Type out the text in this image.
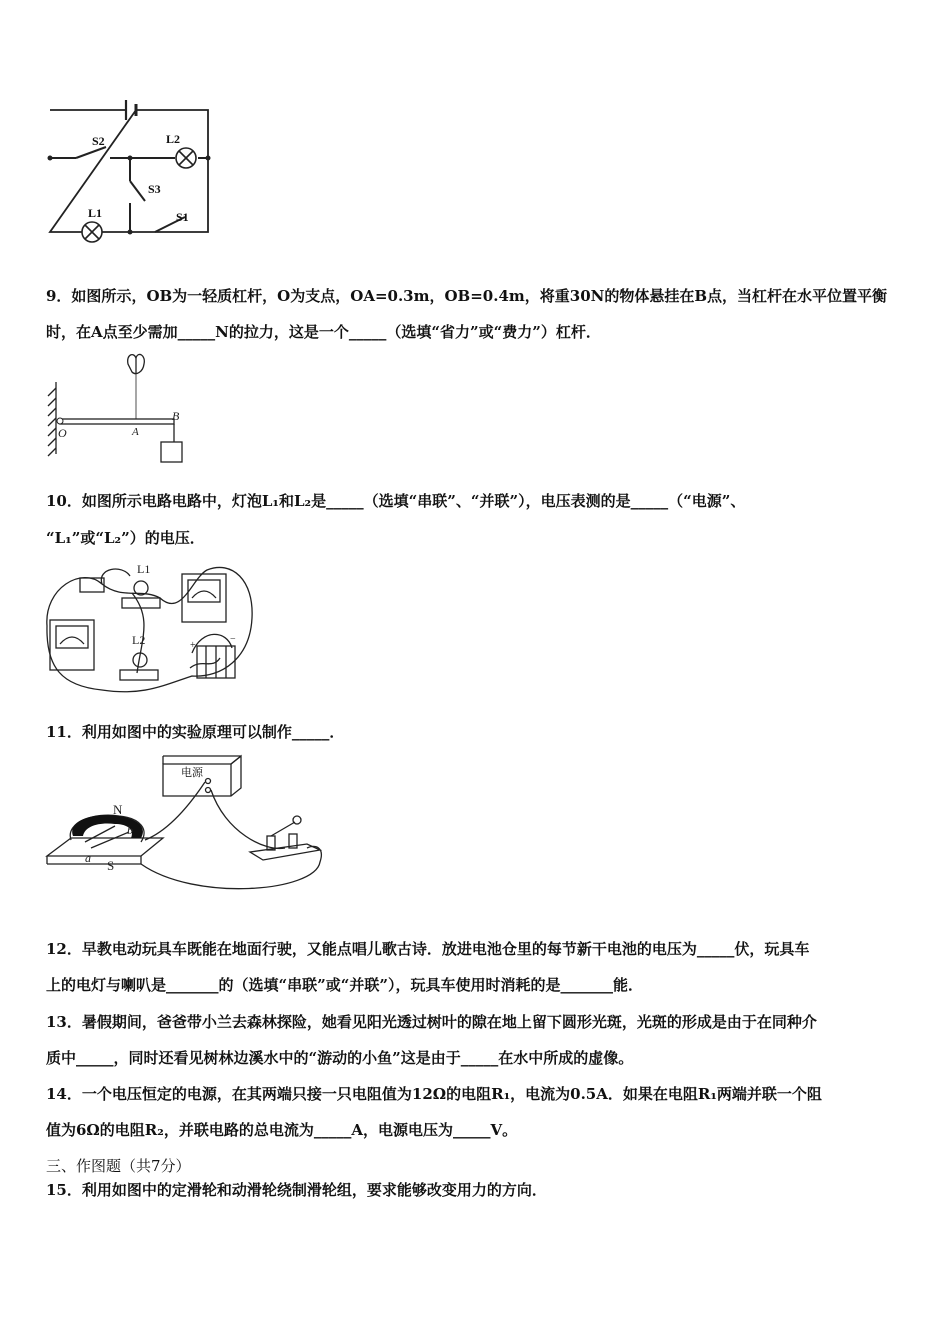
S2	L2
S3
L1	S1
9．如图所示，OB为一轻质杠杆，O为支点，OA=0.3m，OB=0.4m，将重30N的物体悬挂在B点，当杠杆在水平位置平衡
时，在A点至少需加_____N的拉力，这是一个_____（选填“省力”或“费力”）杠杆．
O	A
B
10．如图所示电路电路中，灯泡L₁和L₂是_____（选填“串联”、“并联”），电压表测的是_____（“电源”、
“L₁”或“L₂”）的电压．
L1
L2	+
−
11．利用如图中的实验原理可以制作_____．
电源
N
S
a
b
12．早教电动玩具车既能在地面行驶，又能点唱儿歌古诗．放进电池仓里的每节新干电池的电压为_____伏，玩具车
上的电灯与喇叭是_______的（选填“串联”或“并联”），玩具车使用时消耗的是_______能．
13．暑假期间，爸爸带小兰去森林探险，她看见阳光透过树叶的隙在地上留下圆形光斑，光斑的形成是由于在同种介
质中_____，同时还看见树林边溪水中的“游动的小鱼”这是由于_____在水中所成的虚像。
14．一个电压恒定的电源，在其两端只接一只电阻值为12Ω的电阻R₁，电流为0.5A．如果在电阻R₁两端并联一个阻
值为6Ω的电阻R₂，并联电路的总电流为_____A，电源电压为_____V。
三、作图题（共7分）
15．利用如图中的定滑轮和动滑轮绕制滑轮组，要求能够改变用力的方向．
